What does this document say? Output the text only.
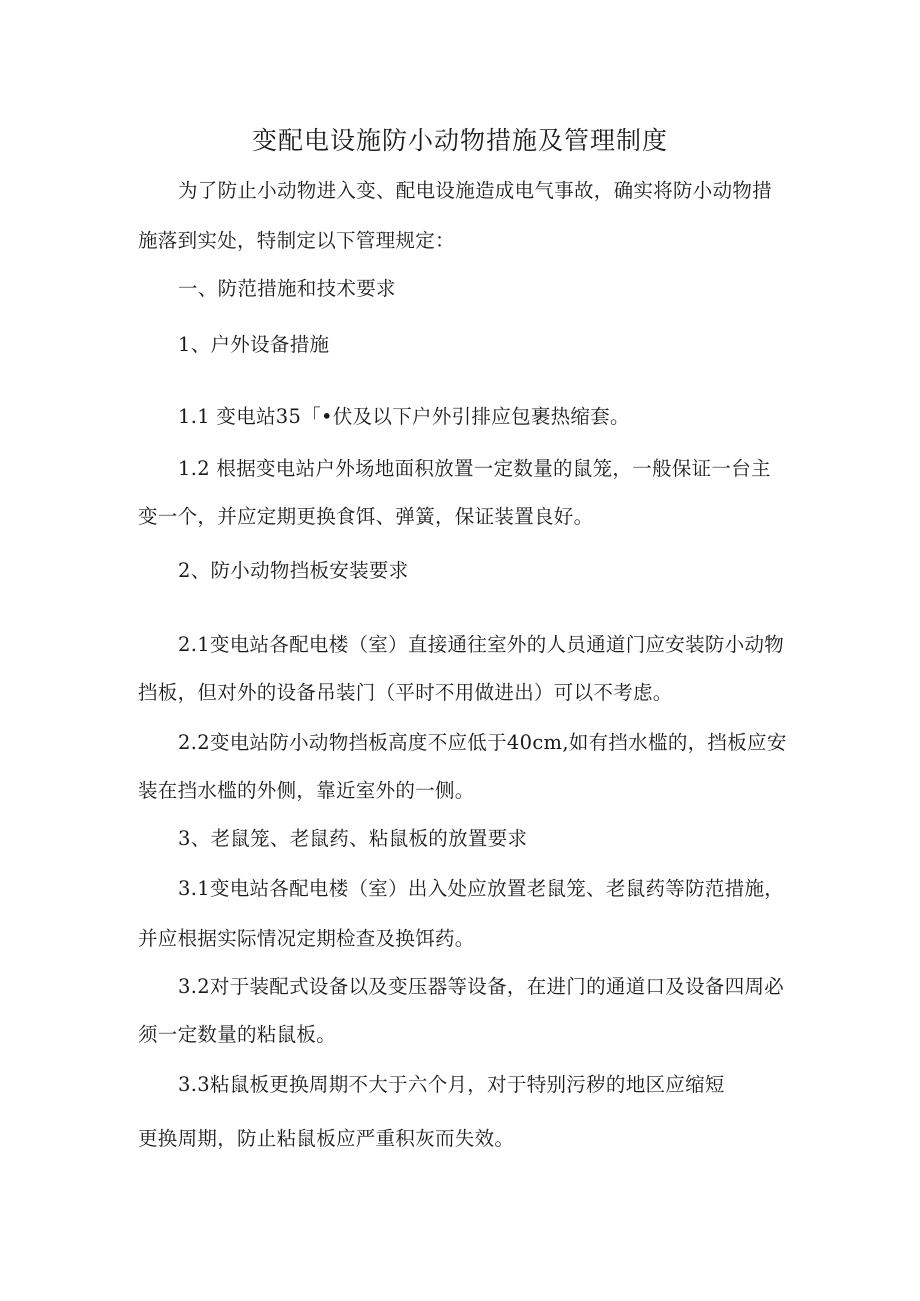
变配电设施防小动物措施及管理制度
为了防止小动物进入变、配电设施造成电气事故，确实将防小动物措
施落到实处，特制定以下管理规定：
一、防范措施和技术要求
1、户外设备措施
1.1 变电站35「•伏及以下户外引排应包裹热缩套。
1.2 根据变电站户外场地面积放置一定数量的鼠笼，一般保证一台主
变一个，并应定期更换食饵、弹簧，保证装置良好。
2、防小动物挡板安装要求
2.1变电站各配电楼（室）直接通往室外的人员通道门应安装防小动物
挡板，但对外的设备吊装门（平时不用做进出）可以不考虑。
2.2变电站防小动物挡板高度不应低于40cm,如有挡水槛的，挡板应安
装在挡水槛的外侧，靠近室外的一侧。
3、老鼠笼、老鼠药、粘鼠板的放置要求
3.1变电站各配电楼（室）出入处应放置老鼠笼、老鼠药等防范措施，
并应根据实际情况定期检查及换饵药。
3.2对于装配式设备以及变压器等设备，在进门的通道口及设备四周必
须一定数量的粘鼠板。
3.3粘鼠板更换周期不大于六个月，对于特别污秽的地区应缩短
更换周期，防止粘鼠板应严重积灰而失效。
